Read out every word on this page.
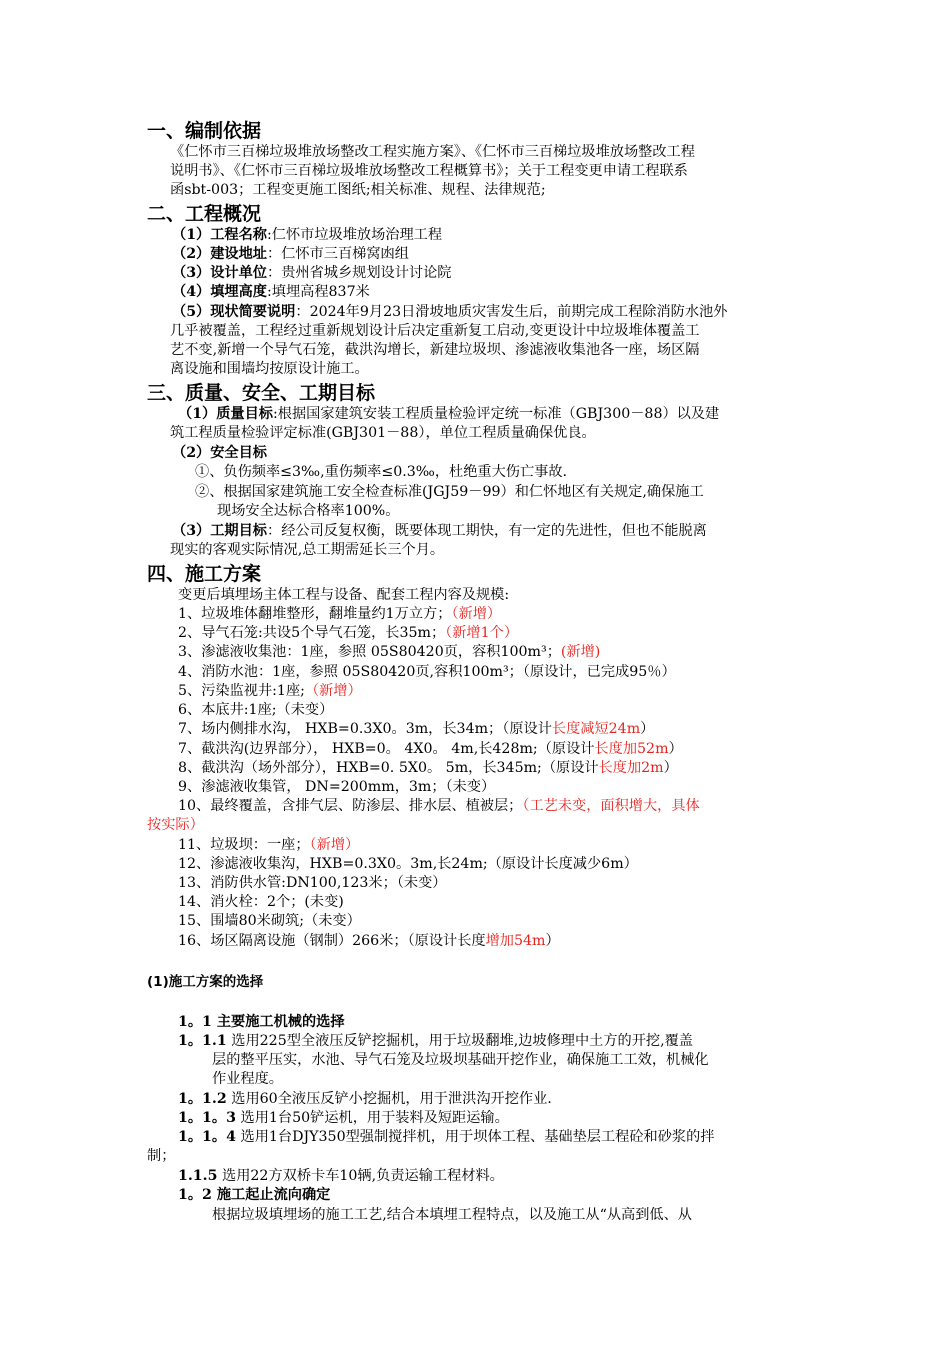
一、编制依据
《仁怀市三百梯垃圾堆放场整改工程实施方案》、《仁怀市三百梯垃圾堆放场整改工程
说明书》、《仁怀市三百梯垃圾堆放场整改工程概算书》；关于工程变更申请工程联系
函sbt-003；工程变更施工图纸;相关标准、规程、法律规范;
二、工程概况
（1）工程名称:仁怀市垃圾堆放场治理工程
（2）建设地址：仁怀市三百梯窝凼组
（3）设计单位：贵州省城乡规划设计讨论院
（4）填埋高度:填埋高程837米
（5）现状简要说明：2024年9月23日滑坡地质灾害发生后，前期完成工程除消防水池外
几乎被覆盖，工程经过重新规划设计后决定重新复工启动,变更设计中垃圾堆体覆盖工
艺不变,新增一个导气石笼，截洪沟增长，新建垃圾坝、渗滤液收集池各一座，场区隔
离设施和围墙均按原设计施工。
三、质量、安全、工期目标
（1）质量目标:根据国家建筑安装工程质量检验评定统一标准（GBJ300－88）以及建
筑工程质量检验评定标准(GBJ301－88），单位工程质量确保优良。
（2）安全目标
①、负伤频率≤3‰,重伤频率≤0.3‰，杜绝重大伤亡事故.
②、根据国家建筑施工安全检查标准(JGJ59－99）和仁怀地区有关规定,确保施工
现场安全达标合格率100%。
（3）工期目标：经公司反复权衡，既要体现工期快，有一定的先进性，但也不能脱离
现实的客观实际情况,总工期需延长三个月。
四、施工方案
变更后填埋场主体工程与设备、配套工程内容及规模:
1、垃圾堆体翻堆整形，翻堆量约1万立方；（新增）
2、导气石笼:共设5个导气石笼，长35m；（新增1个）
3、渗滤液收集池：1座，参照 05S80420页，容积100m³；(新增)
4、消防水池：1座，参照 05S80420页,容积100m³；（原设计，已完成95％）
5、污染监视井:1座;（新增）
6、本底井:1座;（未变）
7、场内侧排水沟， HXB=0.3X0。3m，长34m；（原设计长度减短24m）
7、截洪沟(边界部分）， HXB=0。 4X0。 4m,长428m;（原设计长度加52m）
8、截洪沟（场外部分），HXB=0. 5X0。 5m，长345m;（原设计长度加2m）
9、渗滤液收集管， DN=200mm，3m；（未变）
10、最终覆盖，含排气层、防渗层、排水层、植被层；（工艺未变，面积增大，具体
按实际）
11、垃圾坝：一座；（新增）
12、渗滤液收集沟，HXB=0.3X0。3m,长24m;（原设计长度减少6m）
13、消防供水管:DN100,123米；（未变）
14、消火栓：2个；(未变)
15、围墙80米砌筑;（未变）
16、场区隔离设施（钢制）266米；（原设计长度增加54m）
(1)施工方案的选择
1。1 主要施工机械的选择
1。1.1 选用225型全液压反铲挖掘机，用于垃圾翻堆,边坡修理中土方的开挖,覆盖
层的整平压实，水池、导气石笼及垃圾坝基础开挖作业，确保施工工效，机械化
作业程度。
1。1.2 选用60全液压反铲小挖掘机，用于泄洪沟开挖作业.
1。1。3 选用1台50铲运机，用于装料及短距运输。
1。1。4 选用1台DJY350型强制搅拌机，用于坝体工程、基础垫层工程砼和砂浆的拌
制；
1.1.5 选用22方双桥卡车10辆,负责运输工程材料。
1。2 施工起止流向确定
根据垃圾填埋场的施工工艺,结合本填埋工程特点，以及施工从“从高到低、从
